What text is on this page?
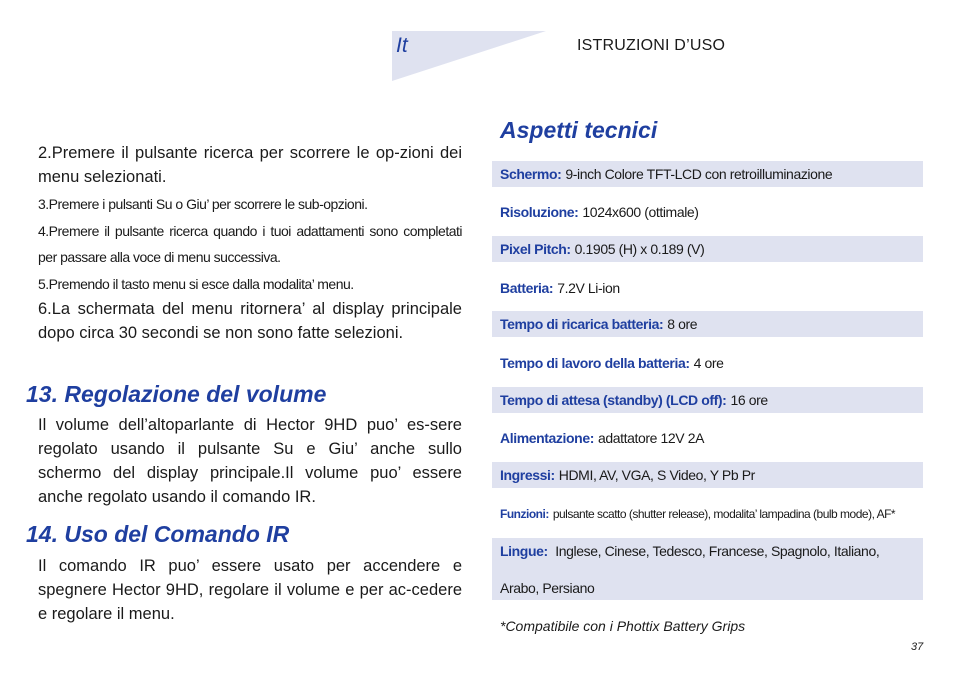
It	ISTRUZIONI D’USO

2.Premere il pulsante ricerca per scorrere le op-zioni dei menu selezionati.

3.Premere i pulsanti Su o Giu’ per scorrere le sub-opzioni.

4.Premere il pulsante ricerca quando i tuoi adattamenti sono completati per passare alla voce di menu successiva.

5.Premendo il tasto menu si esce dalla modalita’ menu.

6.La schermata del menu ritornera’ al display principale dopo circa 30 secondi se non sono fatte selezioni.

13. Regolazione del volume

Il volume dell’altoparlante di Hector 9HD puo’ es-sere regolato usando il pulsante Su e Giu’ anche sullo schermo del display principale.Il volume puo’ essere anche regolato usando il comando IR.

14. Uso del Comando IR

Il comando IR puo’ essere usato per accendere e spegnere Hector 9HD, regolare il volume e per ac-cedere e regolare il menu.

Aspetti tecnici
Schermo: 9-inch Colore TFT-LCD con retroilluminazione
Risoluzione: 1024x600 (ottimale)
Pixel Pitch: 0.1905 (H) x 0.189 (V)
Batteria: 7.2V Li-ion
Tempo di ricarica batteria: 8 ore
Tempo di lavoro della batteria: 4 ore
Tempo di attesa (standby) (LCD off): 16 ore
Alimentazione: adattatore 12V 2A
Ingressi: HDMI, AV, VGA, S Video, Y Pb Pr
Funzioni: pulsante scatto (shutter release), modalita’ lampadina (bulb mode), AF*
Lingue: Inglese, Cinese, Tedesco, Francese, Spagnolo, Italiano,
Arabo, Persiano
*Compatibile con i Phottix Battery Grips
37
